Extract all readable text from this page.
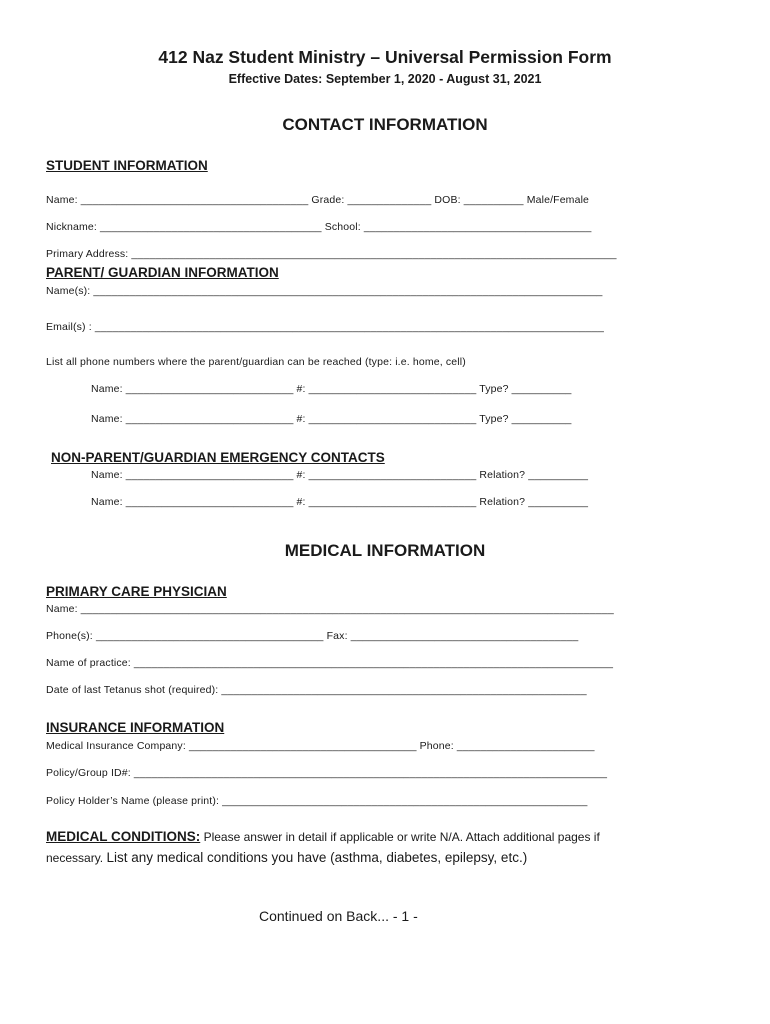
412 Naz Student Ministry – Universal Permission Form
Effective Dates: September 1, 2020 - August 31, 2021
CONTACT INFORMATION
STUDENT INFORMATION
Name: ______________________________________ Grade: ______________ DOB: __________ Male/Female
Nickname: _____________________________________ School: ______________________________________
Primary Address: _________________________________________________________________________________
PARENT/ GUARDIAN INFORMATION
Name(s): _____________________________________________________________________________________
Email(s) : _____________________________________________________________________________________
List all phone numbers where the parent/guardian can be reached (type: i.e. home, cell)
Name: ____________________________ #: ____________________________ Type? __________
Name: ____________________________ #: ____________________________ Type? __________
NON-PARENT/GUARDIAN EMERGENCY CONTACTS
Name: ____________________________ #: ____________________________ Relation? __________
Name: ____________________________ #: ____________________________ Relation? __________
MEDICAL INFORMATION
PRIMARY CARE PHYSICIAN
Name: _________________________________________________________________________________________
Phone(s): ______________________________________ Fax: ______________________________________
Name of practice: ________________________________________________________________________________
Date of last Tetanus shot (required): _____________________________________________________________
INSURANCE INFORMATION
Medical Insurance Company: ______________________________________ Phone: _______________________
Policy/Group ID#: _______________________________________________________________________________
Policy Holder’s Name (please print): _____________________________________________________________
MEDICAL CONDITIONS: Please answer in detail if applicable or write N/A. Attach additional pages if
necessary. List any medical conditions you have (asthma, diabetes, epilepsy, etc.)
Continued on Back... - 1 -
